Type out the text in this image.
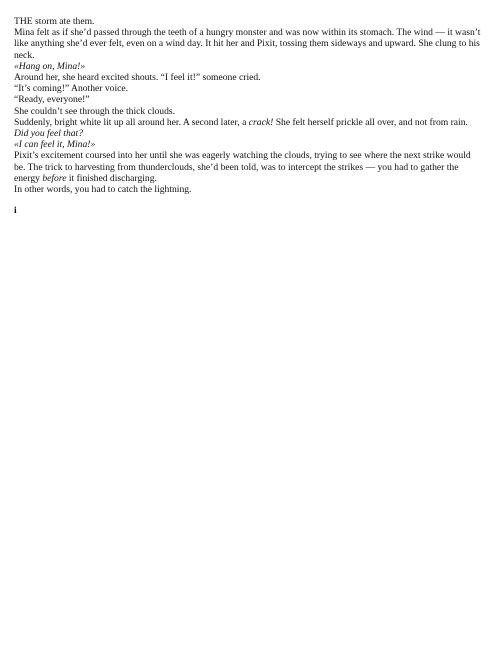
THE storm ate them.

Mina felt as if she’d passed through the teeth of a hungry monster and was now within its stomach. The wind — it wasn’t like anything she’d ever felt, even on a wind day. It hit her and Pixit, tossing them sideways and upward. She clung to his neck.

«Hang on, Mina!»

Around her, she heard excited shouts. “I feel it!” someone cried.

“It’s coming!” Another voice.

“Ready, everyone!”

She couldn’t see through the thick clouds.

Suddenly, bright white lit up all around her. A second later, a crack! She felt herself prickle all over, and not from rain.

Did you feel that?

«I can feel it, Mina!»

Pixit’s excitement coursed into her until she was eagerly watching the clouds, trying to see where the next strike would be. The trick to harvesting from thunderclouds, she’d been told, was to intercept the strikes — you had to gather the energy before it finished discharging.

In other words, you had to catch the lightning.

i
